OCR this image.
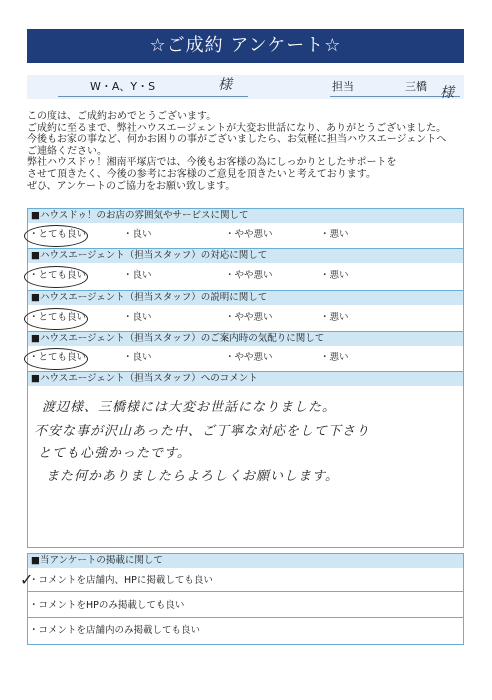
☆ご成約 アンケート☆
W・A、Y・S	様	担当	三橋 様
この度は、ご成約おめでとうございます。
ご成約に至るまで、弊社ハウスエージェントが大変お世話になり、ありがとうございました。
今後もお家の事など、何かお困りの事がございましたら、お気軽に担当ハウスエージェントへ
ご連絡ください。
弊社ハウスドゥ！湘南平塚店では、今後もお客様の為にしっかりとしたサポートを
させて頂きたく、今後の参考にお客様のご意見を頂きたいと考えております。
ぜひ、アンケートのご協力をお願い致します。
■ハウスドゥ！のお店の雰囲気やサービスに関して
・とても良い	・良い	・やや悪い	・悪い
■ハウスエージェント（担当スタッフ）の対応に関して
・とても良い	・良い	・やや悪い	・悪い
■ハウスエージェント（担当スタッフ）の説明に関して
・とても良い	・良い	・やや悪い	・悪い
■ハウスエージェント（担当スタッフ）のご案内時の気配りに関して
・とても良い	・良い	・やや悪い	・悪い
■ハウスエージェント（担当スタッフ）へのコメント
渡辺様、三橋様には大変お世話になりました。
不安な事が沢山あった中、ご丁寧な対応をして下さり
とても心強かったです。
また何かありましたらよろしくお願いします。
■当アンケートの掲載に関して
・コメントを店舗内、HPに掲載しても良い
・コメントをHPのみ掲載しても良い
・コメントを店舗内のみ掲載しても良い
✓
